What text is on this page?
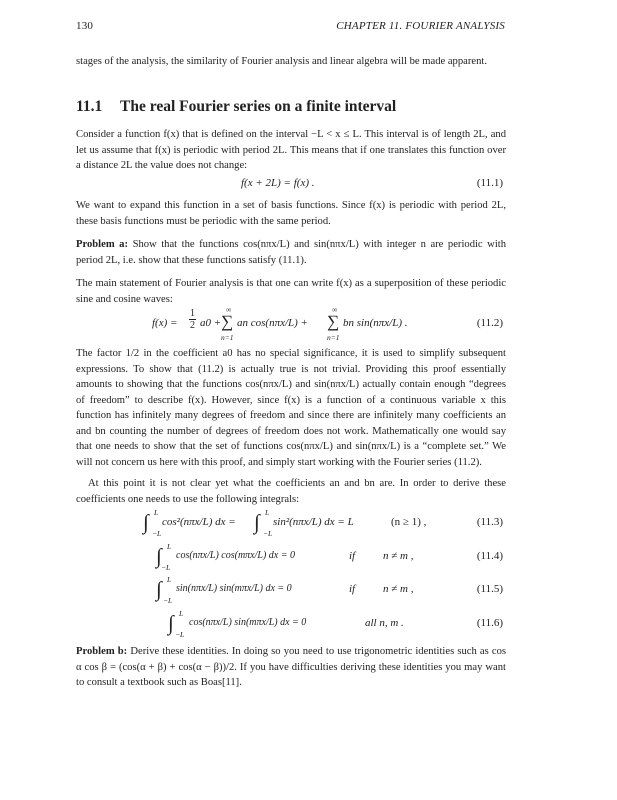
130	CHAPTER 11. FOURIER ANALYSIS
stages of the analysis, the similarity of Fourier analysis and linear algebra will be made apparent.
11.1 The real Fourier series on a finite interval
Consider a function f(x) that is defined on the interval −L < x ≤ L. This interval is of length 2L, and let us assume that f(x) is periodic with period 2L. This means that if one translates this function over a distance 2L the value does not change:
f(x + 2L) = f(x) .	(11.1)
We want to expand this function in a set of basis functions. Since f(x) is periodic with period 2L, these basis functions must be periodic with the same period.
Problem a: Show that the functions cos(nπx/L) and sin(nπx/L) with integer n are periodic with period 2L, i.e. show that these functions satisfy (11.1).
The main statement of Fourier analysis is that one can write f(x) as a superposition of these periodic sine and cosine waves:
$f(x) = \frac{1}{2} a0$ +
∞
∑
n=1
an cos(nπx/L) +
∞
∑
n=1
bn sin(nπx/L) .	(11.2)
The factor 1/2 in the coefficient a0 has no special significance, it is used to simplify subsequent expressions. To show that (11.2) is actually true is not trivial. Providing this proof essentially amounts to showing that the functions cos(nπx/L) and sin(nπx/L) actually contain enough “degrees of freedom” to describe f(x). However, since f(x) is a function of a continuous variable x this function has infinitely many degrees of freedom and since there are infinitely many coefficients an and bn counting the number of degrees of freedom does not work. Mathematically one would say that one needs to show that the set of functions cos(nπx/L) and sin(nπx/L) is a “complete set.” We will not concern us here with this proof, and simply start working with the Fourier series (11.2).
At this point it is not clear yet what the coefficients an and bn are. In order to derive these coefficients one needs to use the following integrals:
∫ L
−L
cos²(nπx/L) dx = ∫ L
−L
sin²(nπx/L) dx = L	(n ≥ 1) ,	(11.3)
∫ L
−L
cos(nπx/L) cos(mπx/L) dx = 0	if	n ≠ m ,	(11.4)
∫ L
−L
sin(nπx/L) sin(mπx/L) dx = 0	if	n ≠ m ,	(11.5)
∫ L
−L
cos(nπx/L) sin(mπx/L) dx = 0	all n, m .	(11.6)
Problem b: Derive these identities. In doing so you need to use trigonometric identities such as cos α cos β = (cos(α + β) + cos(α − β))/2. If you have difficulties deriving these identities you may want to consult a textbook such as Boas[11].
